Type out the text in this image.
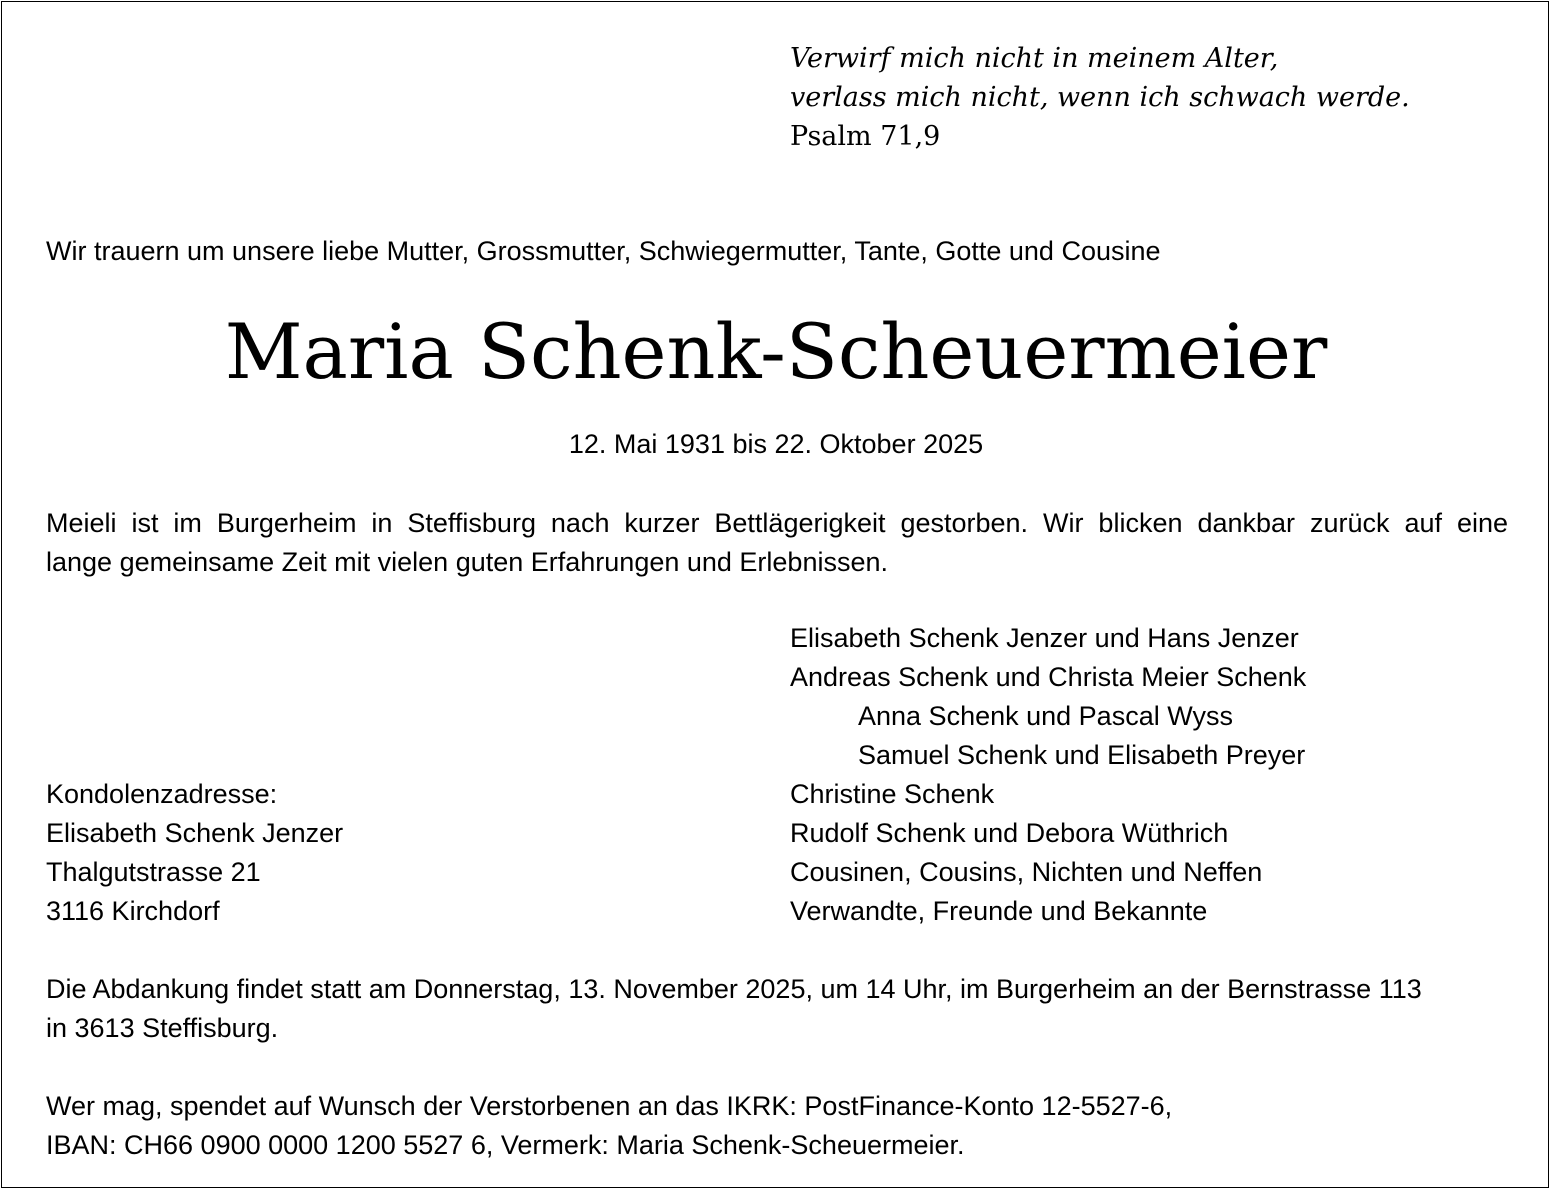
Verwirf mich nicht in meinem Alter,
verlass mich nicht, wenn ich schwach werde.
Psalm 71,9
Wir trauern um unsere liebe Mutter, Grossmutter, Schwiegermutter, Tante, Gotte und Cousine
Maria Schenk-Scheuermeier
12. Mai 1931 bis 22. Oktober 2025
Meieli ist im Burgerheim in Steffisburg nach kurzer Bettlägerigkeit gestorben. Wir blicken dankbar zurück auf eine
lange gemeinsame Zeit mit vielen guten Erfahrungen und Erlebnissen.
Elisabeth Schenk Jenzer und Hans Jenzer
Andreas Schenk und Christa Meier Schenk
Anna Schenk und Pascal Wyss
Samuel Schenk und Elisabeth Preyer
Christine Schenk
Rudolf Schenk und Debora Wüthrich
Cousinen, Cousins, Nichten und Neffen
Verwandte, Freunde und Bekannte
Kondolenzadresse:
Elisabeth Schenk Jenzer
Thalgutstrasse 21
3116 Kirchdorf
Die Abdankung findet statt am Donnerstag, 13. November 2025, um 14 Uhr, im Burgerheim an der Bernstrasse 113
in 3613 Steffisburg.
Wer mag, spendet auf Wunsch der Verstorbenen an das IKRK: PostFinance-Konto 12-5527-6,
IBAN: CH66 0900 0000 1200 5527 6, Vermerk: Maria Schenk-Scheuermeier.
